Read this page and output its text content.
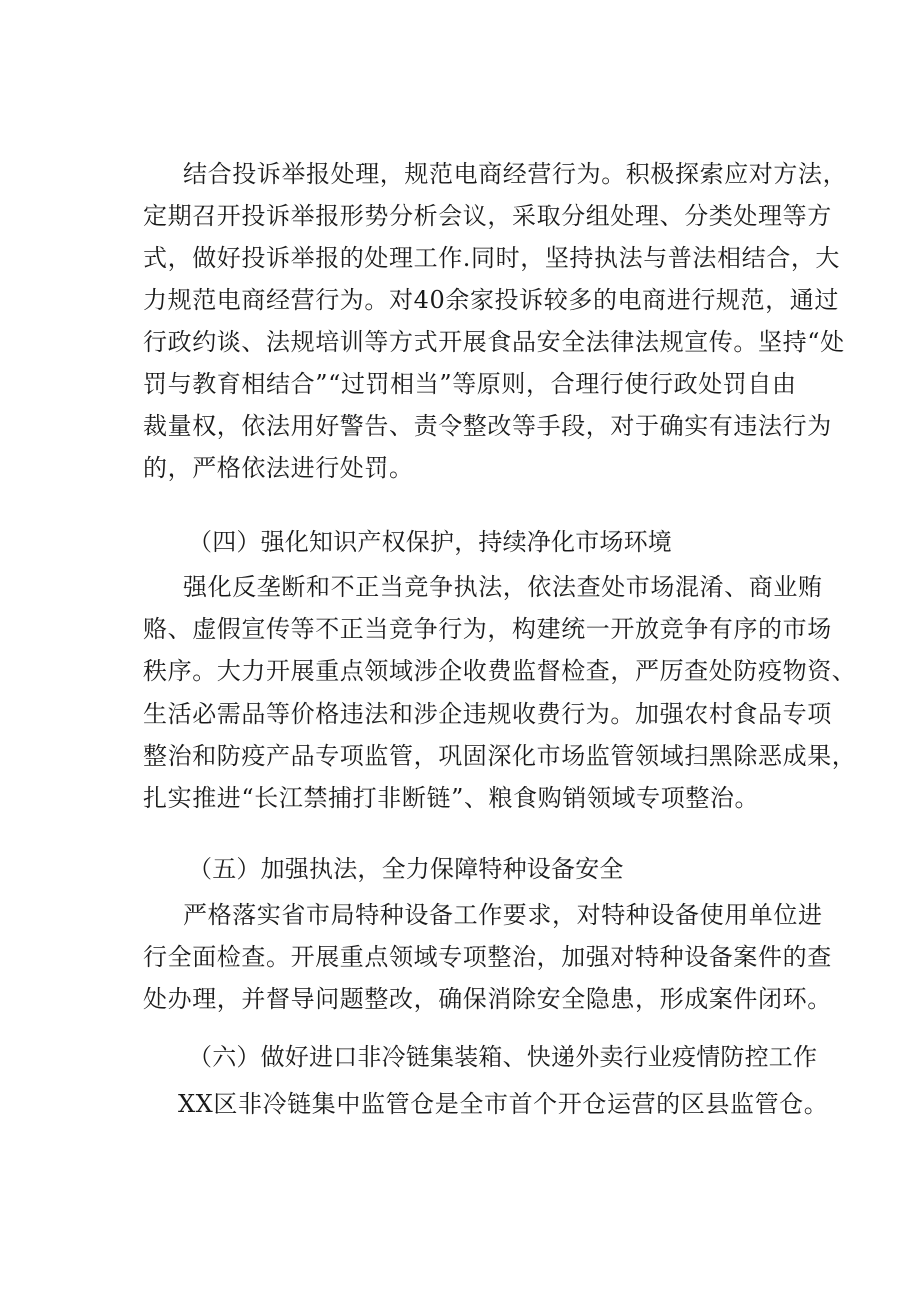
结合投诉举报处理，规范电商经营行为。积极探索应对方法，
定期召开投诉举报形势分析会议，采取分组处理、分类处理等方
式，做好投诉举报的处理工作.同时，坚持执法与普法相结合，大
力规范电商经营行为。对40余家投诉较多的电商进行规范，通过
行政约谈、法规培训等方式开展食品安全法律法规宣传。坚持“处
罚与教育相结合”“过罚相当”等原则，合理行使行政处罚自由
裁量权，依法用好警告、责令整改等手段，对于确实有违法行为
的，严格依法进行处罚。
（四）强化知识产权保护，持续净化市场环境
强化反垄断和不正当竞争执法，依法查处市场混淆、商业贿
赂、虚假宣传等不正当竞争行为，构建统一开放竞争有序的市场
秩序。大力开展重点领域涉企收费监督检查，严厉查处防疫物资、
生活必需品等价格违法和涉企违规收费行为。加强农村食品专项
整治和防疫产品专项监管，巩固深化市场监管领域扫黑除恶成果，
扎实推进“长江禁捕打非断链”、粮食购销领域专项整治。
（五）加强执法，全力保障特种设备安全
严格落实省市局特种设备工作要求，对特种设备使用单位进
行全面检查。开展重点领域专项整治，加强对特种设备案件的查
处办理，并督导问题整改，确保消除安全隐患，形成案件闭环。
（六）做好进口非冷链集装箱、快递外卖行业疫情防控工作
XX区非冷链集中监管仓是全市首个开仓运营的区县监管仓。
